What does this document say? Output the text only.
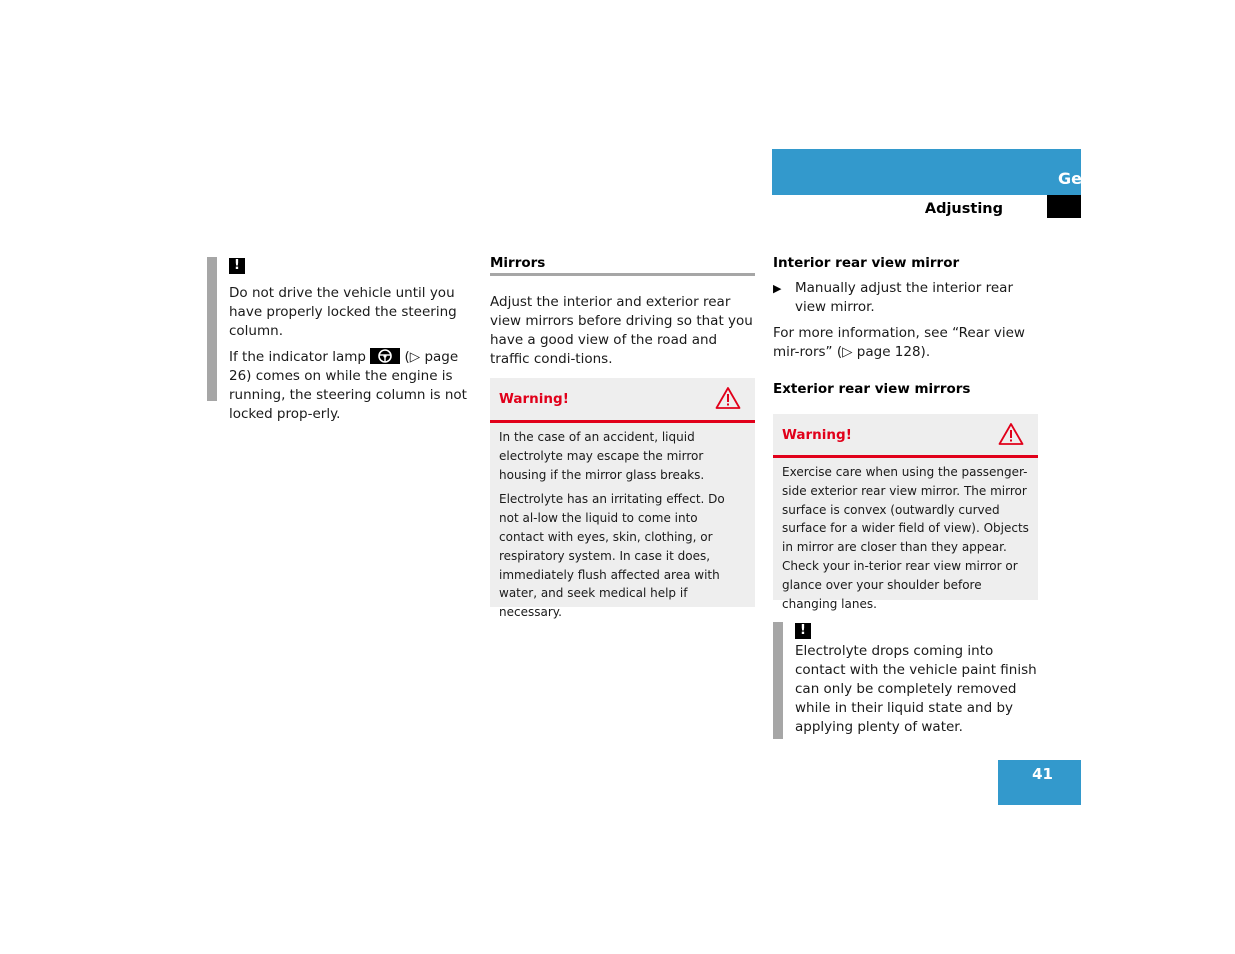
Getting started
Adjusting
!

Do not drive the vehicle until you have properly locked the steering column.

If the indicator lamp  (▷ page 26) comes on while the engine is running, the steering column is not locked prop-erly.

Mirrors

Adjust the interior and exterior rear view mirrors before driving so that you have a good view of the road and traffic condi-tions.

Warning!

In the case of an accident, liquid electrolyte may escape the mirror housing if the mirror glass breaks.

Electrolyte has an irritating effect. Do not al-low the liquid to come into contact with eyes, skin, clothing, or respiratory system. In case it does, immediately flush affected area with water, and seek medical help if necessary.

Interior rear view mirror
▶	Manually adjust the interior rear view mirror.

For more information, see “Rear view mir-rors” (▷ page 128).

Exterior rear view mirrors
Warning!

Exercise care when using the passenger-side exterior rear view mirror. The mirror surface is convex (outwardly curved surface for a wider field of view). Objects in mirror are closer than they appear. Check your in-terior rear view mirror or glance over your shoulder before changing lanes.

!

Electrolyte drops coming into contact with the vehicle paint finish can only be completely removed while in their liquid state and by applying plenty of water.

41
